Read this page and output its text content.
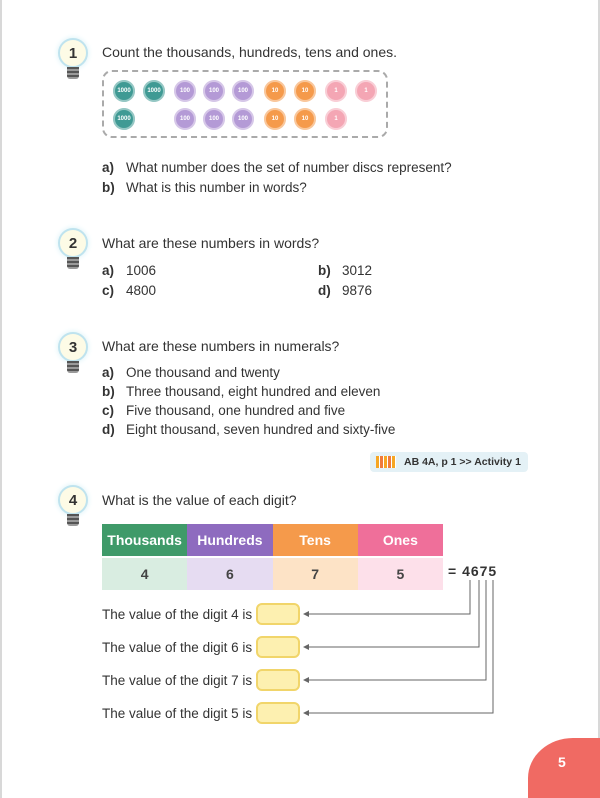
1	Count the thousands, hundreds, tens and ones.
1000	1000	100	100	100	10	10	1	1
1000	100	100	100	10	10	1
a) What number does the set of number discs represent?
b) What is this number in words?
2	What are these numbers in words?
a) 1006	b) 3012
c) 4800	d) 9876
3	What are these numbers in numerals?
a) One thousand and twenty
b) Three thousand, eight hundred and eleven
c) Five thousand, one hundred and five
d) Eight thousand, seven hundred and sixty-five
AB 4A, p 1 >> Activity 1
4	What is the value of each digit?
Thousands	Hundreds	Tens	Ones
4	6	7	5	= 4675
The value of the digit 4 is
The value of the digit 6 is
The value of the digit 7 is
The value of the digit 5 is
5
